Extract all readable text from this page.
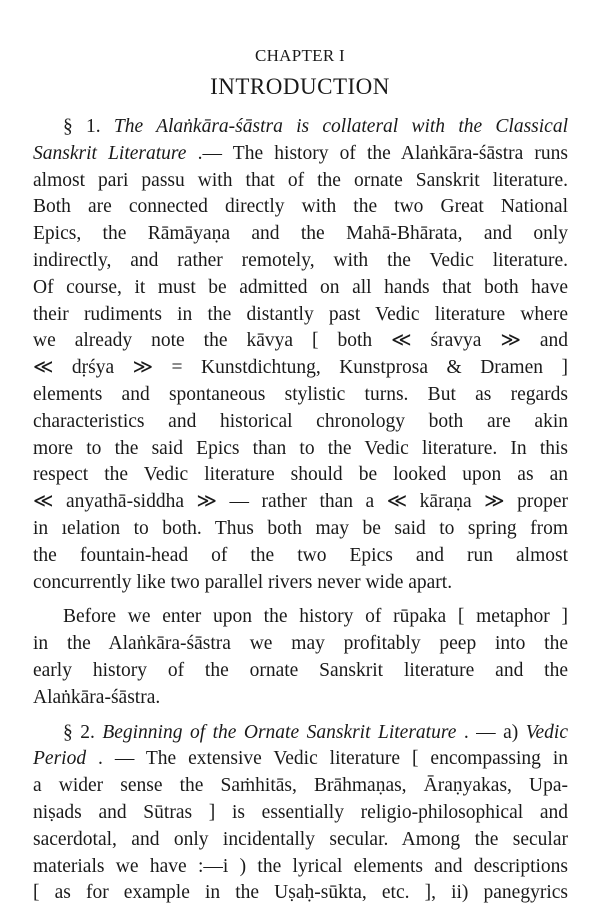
CHAPTER I
INTRODUCTION
§ 1. The Alaṅkāra-śāstra is collateral with the Classical
Sanskrit Literature .— The history of the Alaṅkāra-śāstra runs
almost pari passu with that of the ornate Sanskrit literature.
Both are connected directly with the two Great National
Epics, the Rāmāyaṇa and the Mahā-Bhārata, and only
indirectly, and rather remotely, with the Vedic literature.
Of course, it must be admitted on all hands that both have
their rudiments in the distantly past Vedic literature where
we already note the kāvya [ both ≪ śravya ≫ and
≪ dṛśya ≫ = Kunstdichtung, Kunstprosa & Dramen ]
elements and spontaneous stylistic turns. But as regards
characteristics and historical chronology both are akin
more to the said Epics than to the Vedic literature. In this
respect the Vedic literature should be looked upon as an
≪ anyathā-siddha ≫ — rather than a ≪ kāraṇa ≫ proper
in ıelation to both. Thus both may be said to spring from
the fountain-head of the two Epics and run almost
concurrently like two parallel rivers never wide apart.
Before we enter upon the history of rūpaka [ metaphor ]
in the Alaṅkāra-śāstra we may profitably peep into the
early history of the ornate Sanskrit literature and the
Alaṅkāra-śāstra.
§ 2. Beginning of the Ornate Sanskrit Literature . — a) Vedic
Period . — The extensive Vedic literature [ encompassing in
a wider sense the Saṁhitās, Brāhmaṇas, Āraṇyakas, Upa-
niṣads and Sūtras ] is essentially religio-philosophical and
sacerdotal, and only incidentally secular. Among the secular
materials we have :—i ) the lyrical elements and descriptions
[ as for example in the Uṣaḥ-sūkta, etc. ], ii) panegyrics
